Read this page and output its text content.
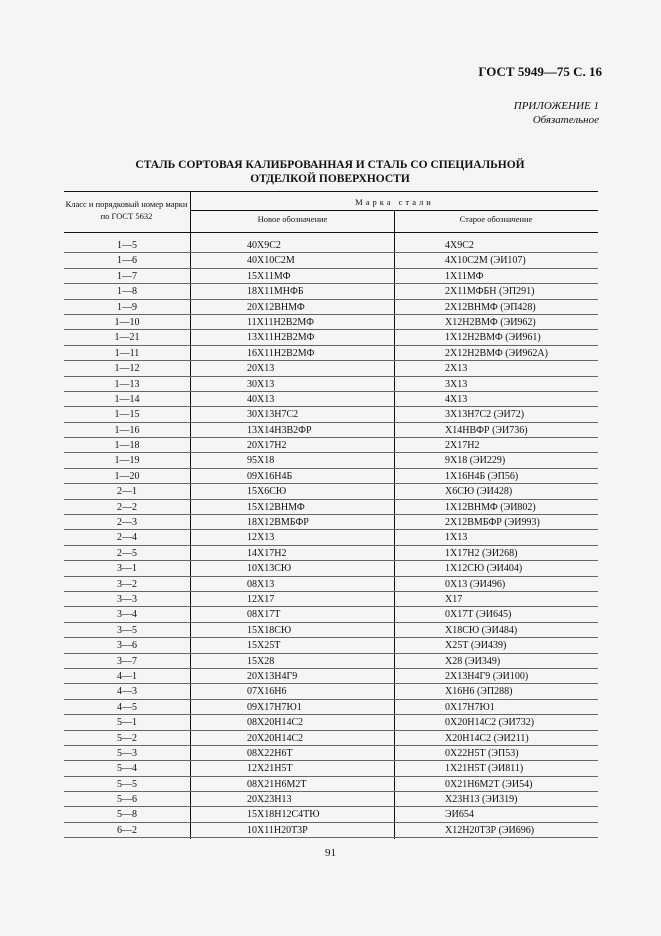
ГОСТ 5949—75 С. 16
ПРИЛОЖЕНИЕ 1
Обязательное
СТАЛЬ СОРТОВАЯ КАЛИБРОВАННАЯ И СТАЛЬ СО СПЕЦИАЛЬНОЙ
ОТДЕЛКОЙ ПОВЕРХНОСТИ
Класс и порядковый номер марки по ГОСТ 5632
Марка стали
Новое обозначение	Старое обозначение
1—5	40Х9С2	4Х9С2
1—6	40Х10С2М	4Х10С2М (ЭИ107)
1—7	15Х11МФ	1Х11МФ
1—8	18Х11МНФБ	2Х11МФБН (ЭП291)
1—9	20Х12ВНМФ	2Х12ВНМФ (ЭП428)
1—10	11Х11Н2В2МФ	Х12Н2ВМФ (ЭИ962)
1—21	13Х11Н2В2МФ	1Х12Н2ВМФ (ЭИ961)
1—11	16Х11Н2В2МФ	2Х12Н2ВМФ (ЭИ962А)
1—12	20Х13	2Х13
1—13	30Х13	3Х13
1—14	40Х13	4Х13
1—15	30Х13Н7С2	3Х13Н7С2 (ЭИ72)
1—16	13Х14Н3В2ФР	Х14НВФР (ЭИ736)
1—18	20Х17Н2	2Х17Н2
1—19	95Х18	9Х18 (ЭИ229)
1—20	09Х16Н4Б	1Х16Н4Б (ЭП56)
2—1	15Х6СЮ	Х6СЮ (ЭИ428)
2—2	15Х12ВНМФ	1Х12ВНМФ (ЭИ802)
2—3	18Х12ВМБФР	2Х12ВМБФР (ЭИ993)
2—4	12Х13	1Х13
2—5	14Х17Н2	1Х17Н2 (ЭИ268)
3—1	10Х13СЮ	1Х12СЮ (ЭИ404)
3—2	08Х13	0Х13 (ЭИ496)
3—3	12Х17	Х17
3—4	08Х17Т	0Х17Т (ЭИ645)
3—5	15Х18СЮ	Х18СЮ (ЭИ484)
3—6	15Х25Т	Х25Т (ЭИ439)
3—7	15Х28	Х28 (ЭИ349)
4—1	20Х13Н4Г9	2Х13Н4Г9 (ЭИ100)
4—3	07Х16Н6	Х16Н6 (ЭП288)
4—5	09Х17Н7Ю1	0Х17Н7Ю1
5—1	08Х20Н14С2	0Х20Н14С2 (ЭИ732)
5—2	20Х20Н14С2	Х20Н14С2 (ЭИ211)
5—3	08Х22Н6Т	0Х22Н5Т (ЭП53)
5—4	12Х21Н5Т	1Х21Н5Т (ЭИ811)
5—5	08Х21Н6М2Т	0Х21Н6М2Т (ЭИ54)
5—6	20Х23Н13	Х23Н13 (ЭИ319)
5—8	15Х18Н12С4ТЮ	ЭИ654
6—2	10Х11Н20Т3Р	Х12Н20Т3Р (ЭИ696)
91
